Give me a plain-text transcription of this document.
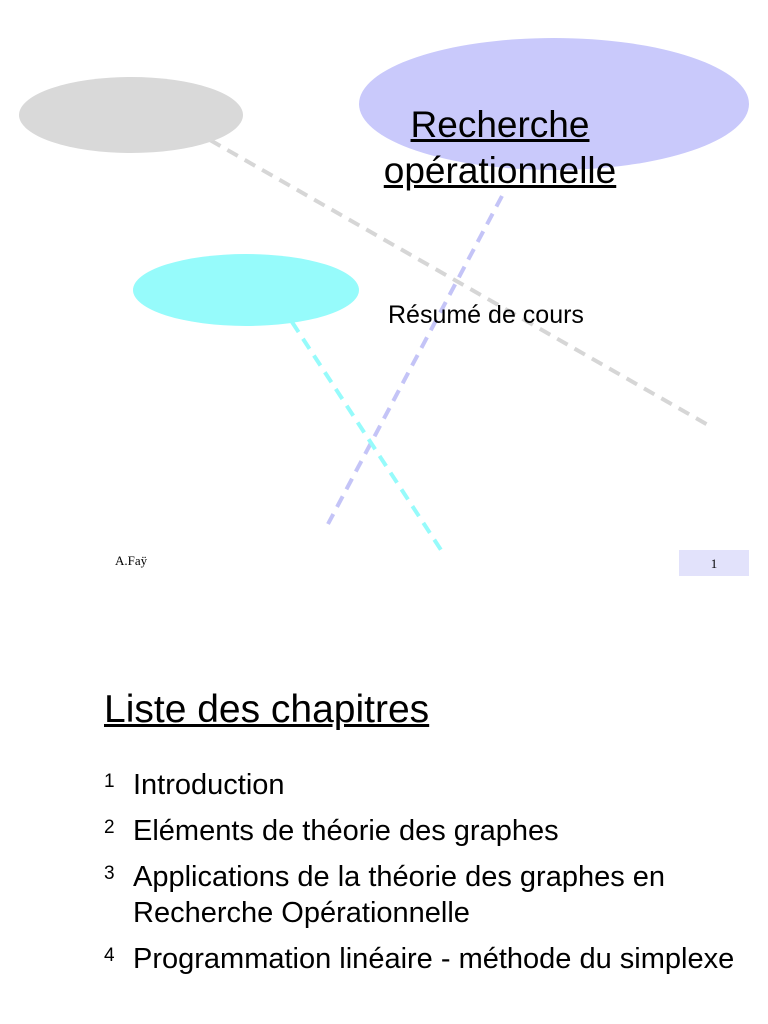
Recherche opérationnelle
Résumé de cours
A.Faÿ	1
Liste des chapitres
1 Introduction
2 Eléments de théorie des graphes
3 Applications de la théorie des graphes en Recherche Opérationnelle
4 Programmation linéaire - méthode du simplexe
